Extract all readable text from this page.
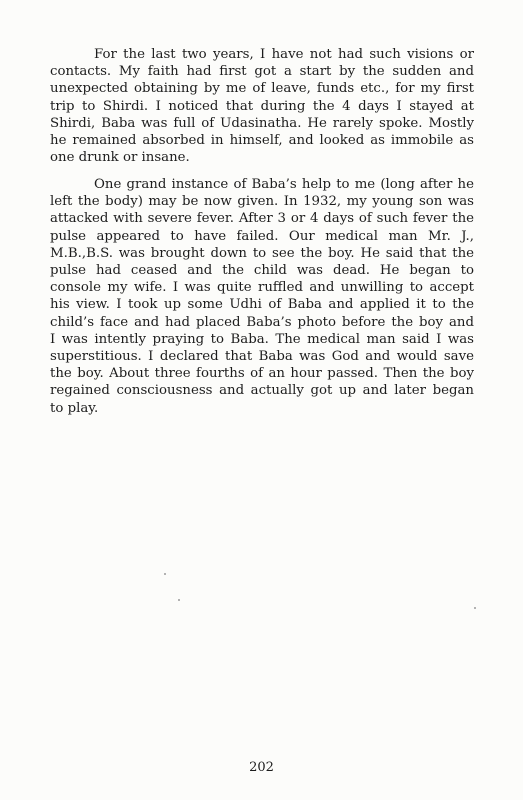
For the last two years, I have not had such visions or
contacts. My faith had first got a start by the sudden and
unexpected obtaining by me of leave, funds etc., for my first
trip to Shirdi. I noticed that during the 4 days I stayed at
Shirdi, Baba was full of Udasinatha. He rarely spoke. Mostly
he remained absorbed in himself, and looked as immobile as
one drunk or insane.

One grand instance of Baba’s help to me (long after he
left the body) may be now given. In 1932, my young son was
attacked with severe fever. After 3 or 4 days of such fever the
pulse appeared to have failed. Our medical man Mr. J.,
M.B.,B.S. was brought down to see the boy. He said that the
pulse had ceased and the child was dead. He began to
console my wife. I was quite ruffled and unwilling to accept
his view. I took up some Udhi of Baba and applied it to the
child’s face and had placed Baba’s photo before the boy and
I was intently praying to Baba. The medical man said I was
superstitious. I declared that Baba was God and would save
the boy. About three fourths of an hour passed. Then the boy
regained consciousness and actually got up and later began
to play.

202
